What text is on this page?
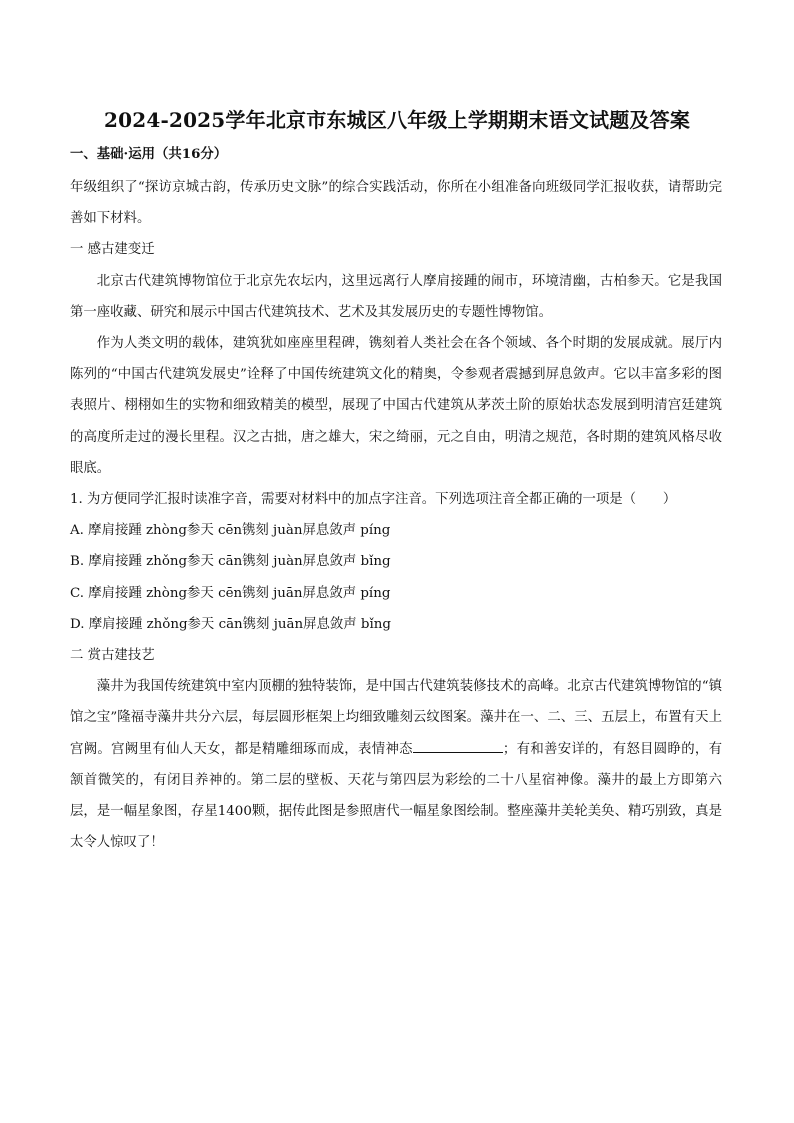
2024-2025学年北京市东城区八年级上学期期末语文试题及答案

一、基础·运用（共16分）

年级组织了“探访京城古韵，传承历史文脉”的综合实践活动，你所在小组准备向班级同学汇报收获，请帮助完善如下材料。

一 感古建变迁

北京古代建筑博物馆位于北京先农坛内，这里远离行人摩肩接踵的闹市，环境清幽，古柏参天。它是我国第一座收藏、研究和展示中国古代建筑技术、艺术及其发展历史的专题性博物馆。

作为人类文明的载体，建筑犹如座座里程碑，镌刻着人类社会在各个领域、各个时期的发展成就。展厅内陈列的“中国古代建筑发展史”诠释了中国传统建筑文化的精奥，令参观者震撼到屏息敛声。它以丰富多彩的图表照片、栩栩如生的实物和细致精美的模型，展现了中国古代建筑从茅茨土阶的原始状态发展到明清宫廷建筑的高度所走过的漫长里程。汉之古拙，唐之雄大，宋之绮丽，元之自由，明清之规范，各时期的建筑风格尽收眼底。

1. 为方便同学汇报时读准字音，需要对材料中的加点字注音。下列选项注音全都正确的一项是（　　）

A. 摩肩接踵 zhòng参天 cēn镌刻 juàn屏息敛声 píng

B. 摩肩接踵 zhǒng参天 cān镌刻 juàn屏息敛声 bǐng

C. 摩肩接踵 zhòng参天 cēn镌刻 juān屏息敛声 píng

D. 摩肩接踵 zhǒng参天 cān镌刻 juān屏息敛声 bǐng

二 赏古建技艺

藻井为我国传统建筑中室内顶棚的独特装饰，是中国古代建筑装修技术的高峰。北京古代建筑博物馆的“镇馆之宝”隆福寺藻井共分六层，每层圆形框架上均细致雕刻云纹图案。藻井在一、二、三、五层上，布置有天上宫阙。宫阙里有仙人天女，都是精雕细琢而成，表情神态	；有和善安详的，有怒目圆睁的，有颔首微笑的，有闭目养神的。第二层的壁板、天花与第四层为彩绘的二十八星宿神像。藻井的最上方即第六层，是一幅星象图，存星1400颗，据传此图是参照唐代一幅星象图绘制。整座藻井美轮美奂、精巧别致，真是太令人惊叹了！
